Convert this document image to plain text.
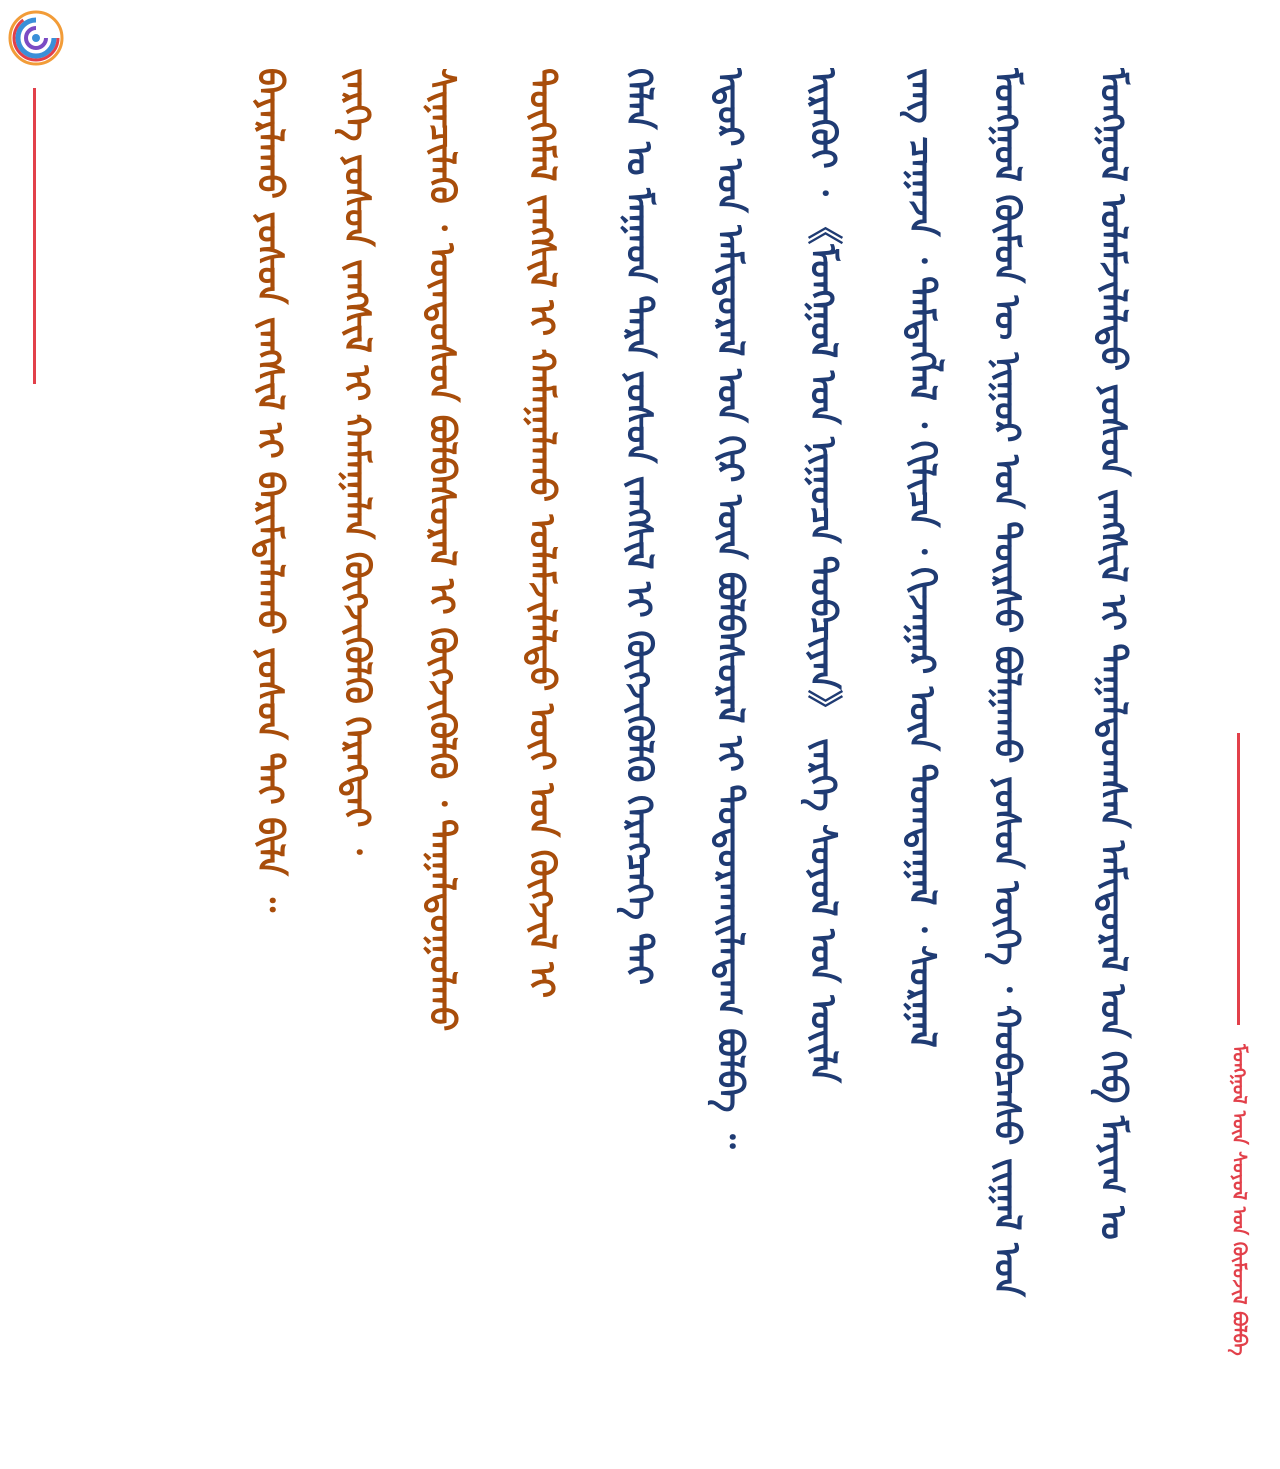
ᠮᠣᠩᠭᠣᠯ ᠦᠨ ᠰᠣᠶᠣᠯ ᠤᠨ ᠬᠥᠮᠦᠵᠢᠯ ᠪᠣᠯᠪᠠ
ᠮᠣᠩᠭᠣᠯ ᠤᠯᠠᠮᠵᠢᠯᠠᠯᠲᠤ ᠶᠣᠰᠤᠨ ᠵᠠᠩᠰᠢᠯ ᠢ ᠳᠠᠭᠠᠯᠳᠤᠭᠰᠠᠨ ᠠᠮᠢᠳᠤᠷᠠᠯ ᠤᠨ ᠬᠡᠪ ᠮᠠᠶᠢᠭ ᠤ
ᠮᠣᠩᠭᠣᠯ ᠬᠦᠮᠦᠨ ᠦ ᠨᠢᠭᠤᠷ ᠤᠨ ᠳᠦᠷᠰᠦ ᠪᠣᠯᠭᠠᠬᠤ ᠶᠣᠰᠤᠨ ᠦᠭᠡ ᠂ ᠬᠣᠪᠴᠠᠰᠤ ᠵᠢᠭᠠᠯ ᠤᠨ
ᠵᠠᠩ ᠴᠠᠭᠠᠵᠠ ᠂ ᠲᠡᠮᠳᠡᠭᠯᠡᠯ ᠂ ᠬᠢᠯᠢᠴᠡ ᠂ ᠬᠢᠵᠠᠭᠠᠷ ᠦᠨ ᠲᠣᠭᠲᠠᠭᠠᠯ ᠂ ᠰᠤᠷᠭᠠᠯ
ᠢᠷᠡᠬᠦᠢ ᠂ 《ᠮᠣᠩᠭᠣᠯ ᠤᠨ ᠨᠢᠭᠤᠴᠠ ᠲᠣᠪᠴᠢᠶᠠᠨ》 ᠵᠡᠷᠭᠡ ᠰᠣᠶᠣᠯ ᠤᠨ ᠦᠢᠯᠡ
ᠡᠳᠦᠷ ᠤᠨ ᠠᠮᠢᠳᠤᠷᠠᠯ ᠤᠨ ᠬᠢᠷ ᠦᠨ ᠪᠣᠯᠪᠠᠰᠤᠷᠠᠯ ᠢ ᠲᠣᠳᠤᠷᠬᠠᠢᠯᠠᠳᠠᠭ ᠪᠣᠯᠪᠠ ᠃
ᠬᠡᠯᠡᠨ ᠤ ᠮᠠᠭᠠᠳ ᠲᠡᠷᠡ ᠶᠣᠰᠤᠨ ᠵᠠᠩᠰᠢᠯ ᠢ ᠬᠥᠭᠵᠢᠭᠦᠯᠬᠦ ᠬᠡᠷᠡᠭᠴᠡᠭᠡ ᠲᠠᠢ
ᠲᠦᠭᠡᠮᠡᠯ ᠵᠠᠩᠰᠢᠯ ᠢ ᠬᠠᠮᠠᠭᠠᠯᠠᠬᠤ ᠤᠯᠠᠮᠵᠢᠯᠠᠯᠲᠤ ᠦᠶ ᠤᠨ ᠬᠥᠭᠵᠢᠯ ᠢ
ᠰᠢᠨᠡᠴᠢᠯᠡᠬᠦ ᠂ ᠦᠨᠳᠦᠰᠦᠨ ᠪᠣᠯᠪᠠᠰᠤᠷᠠᠯ ᠢ ᠬᠥᠭᠵᠢᠭᠦᠯᠬᠦ ᠂ ᠳᠠᠭᠠᠯᠳᠤᠭᠤᠯᠬᠤ
ᠵᠡᠷᠭᠡ ᠶᠣᠰᠤᠨ ᠵᠠᠩᠰᠢᠯ ᠢ ᠬᠠᠮᠠᠭᠠᠯᠠᠨ ᠬᠥᠭᠵᠢᠭᠦᠯᠬᠦ ᠬᠡᠷᠡᠭᠲᠡᠢ ᠂
ᠪᠠᠶᠠᠷᠯᠠᠬᠤ ᠶᠣᠰᠤᠨ ᠵᠠᠩᠰᠢᠯ ᠢ ᠪᠠᠷᠢᠮᠲᠠᠯᠠᠬᠤ ᠶᠣᠰᠤᠨ ᠲᠠᠢ ᠪᠢᠯᠡ ᠃
